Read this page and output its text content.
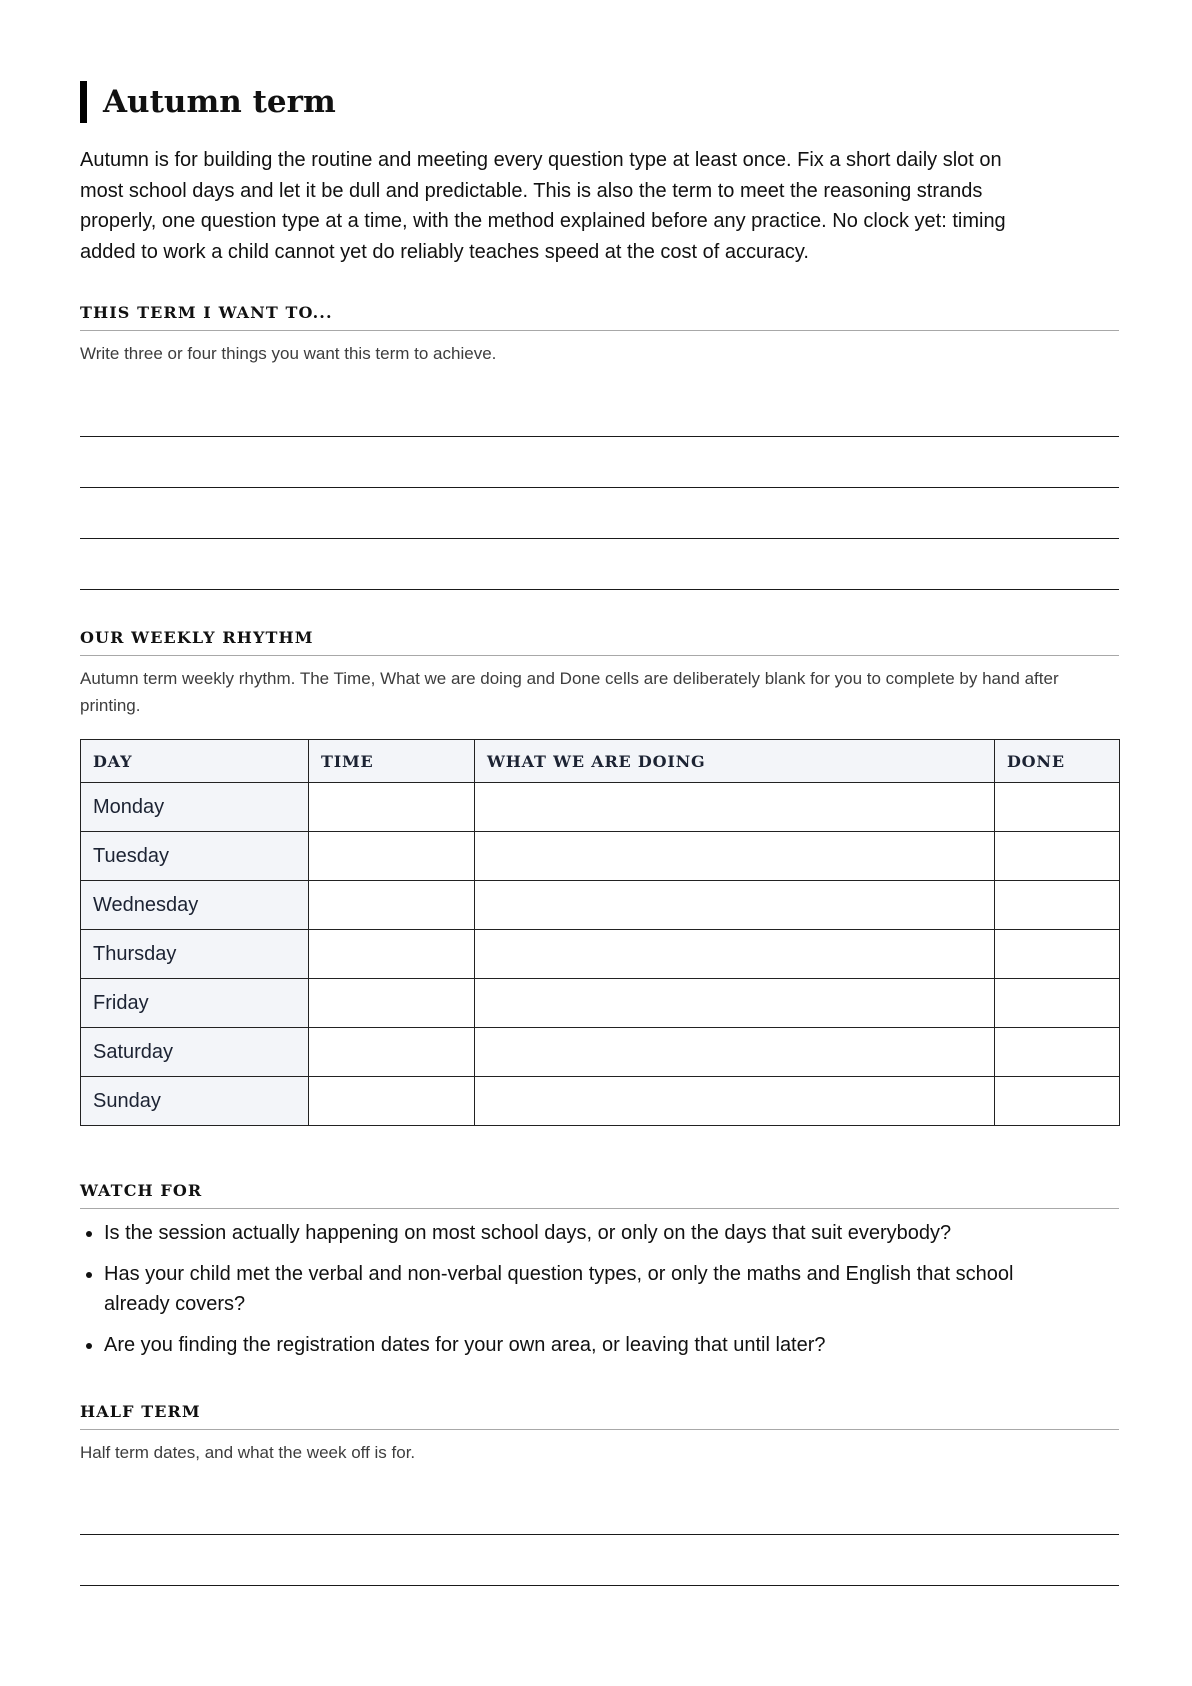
Autumn term

Autumn is for building the routine and meeting every question type at least once. Fix a short daily slot on most school days and let it be dull and predictable. This is also the term to meet the reasoning strands properly, one question type at a time, with the method explained before any practice. No clock yet: timing added to work a child cannot yet do reliably teaches speed at the cost of accuracy.

THIS TERM I WANT TO...

Write three or four things you want this term to achieve.

OUR WEEKLY RHYTHM

Autumn term weekly rhythm. The Time, What we are doing and Done cells are deliberately blank for you to complete by hand after printing.

DAY	TIME	WHAT WE ARE DOING	DONE
Monday			
Tuesday			
Wednesday			
Thursday			
Friday			
Saturday			
Sunday			
WATCH FOR
• Is the session actually happening on most school days, or only on the days that suit everybody?
• Has your child met the verbal and non-verbal question types, or only the maths and English that school already covers?
• Are you finding the registration dates for your own area, or leaving that until later?
HALF TERM

Half term dates, and what the week off is for.
